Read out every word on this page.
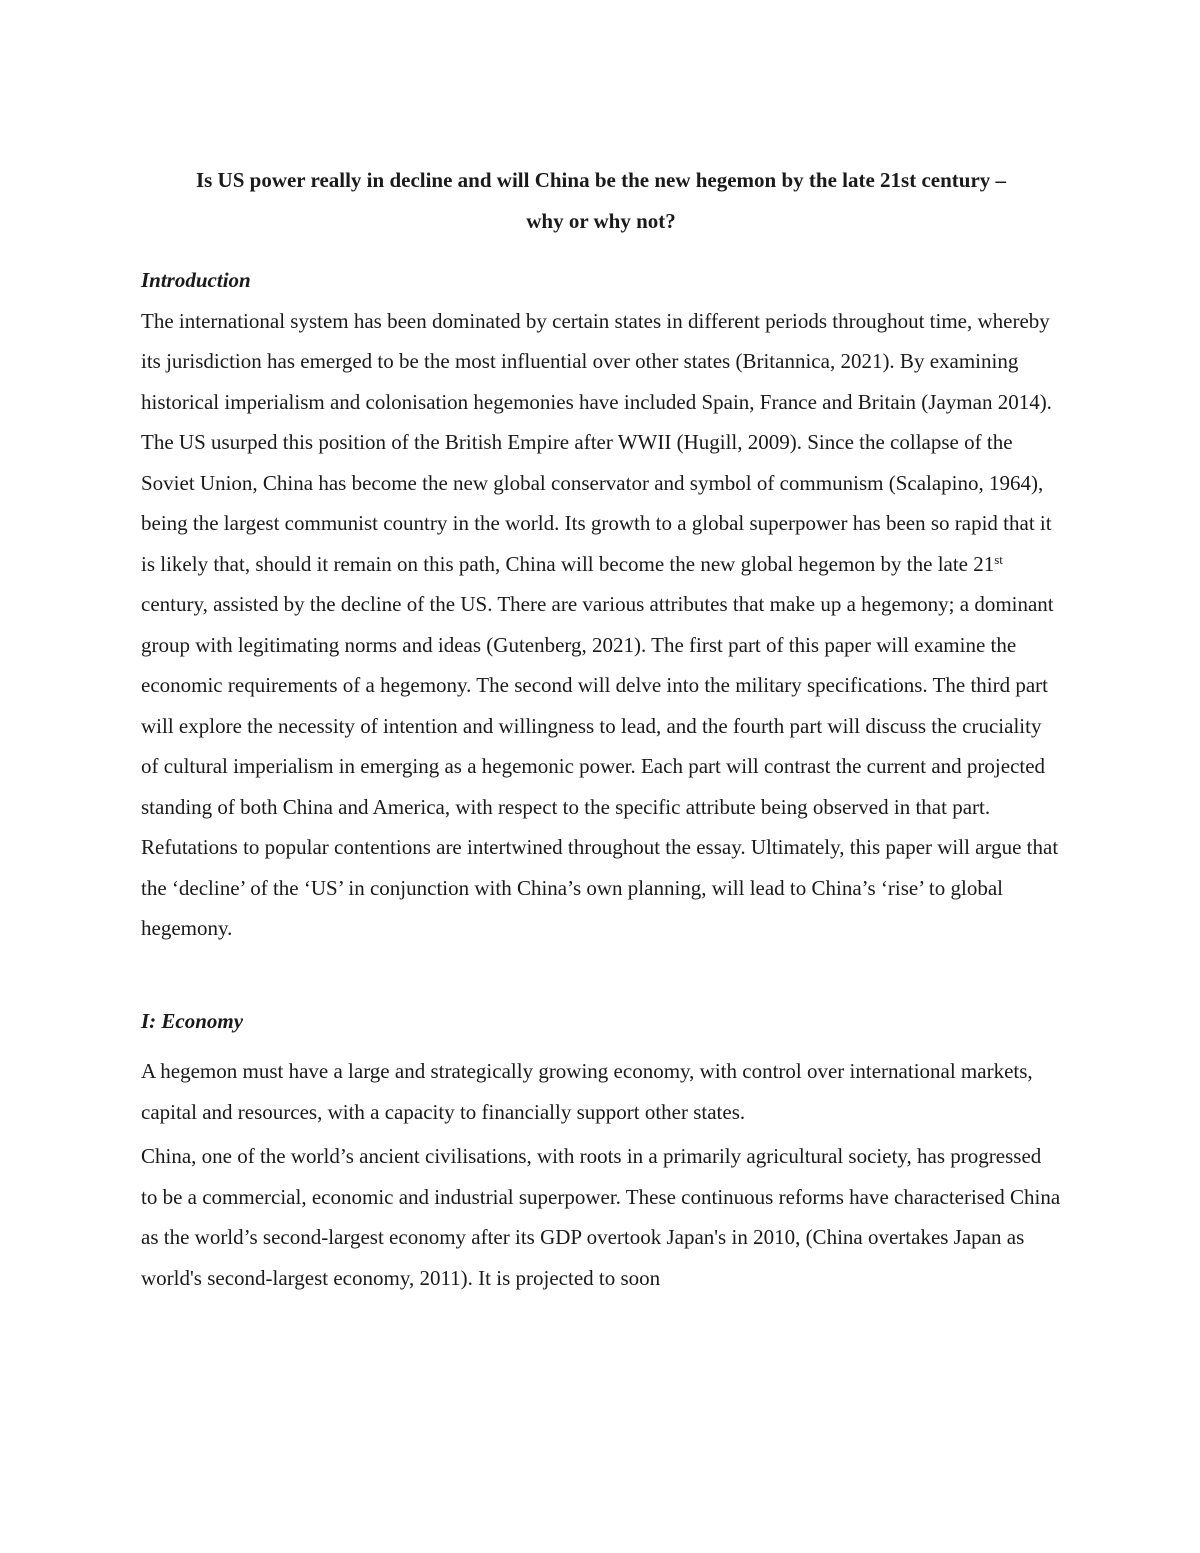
Is US power really in decline and will China be the new hegemon by the late 21st century –
why or why not?
Introduction

The international system has been dominated by certain states in different periods throughout time, whereby its jurisdiction has emerged to be the most influential over other states (Britannica, 2021). By examining historical imperialism and colonisation hegemonies have included Spain, France and Britain (Jayman 2014). The US usurped this position of the British Empire after WWII (Hugill, 2009). Since the collapse of the Soviet Union, China has become the new global conservator and symbol of communism (Scalapino, 1964), being the largest communist country in the world. Its growth to a global superpower has been so rapid that it is likely that, should it remain on this path, China will become the new global hegemon by the late 21st century, assisted by the decline of the US. There are various attributes that make up a hegemony; a dominant group with legitimating norms and ideas (Gutenberg, 2021). The first part of this paper will examine the economic requirements of a hegemony. The second will delve into the military specifications. The third part will explore the necessity of intention and willingness to lead, and the fourth part will discuss the cruciality of cultural imperialism in emerging as a hegemonic power. Each part will contrast the current and projected standing of both China and America, with respect to the specific attribute being observed in that part. Refutations to popular contentions are intertwined throughout the essay. Ultimately, this paper will argue that the ‘decline’ of the ‘US’ in conjunction with China’s own planning, will lead to China’s ‘rise’ to global hegemony.

I: Economy

A hegemon must have a large and strategically growing economy, with control over international markets, capital and resources, with a capacity to financially support other states.

China, one of the world’s ancient civilisations, with roots in a primarily agricultural society, has progressed to be a commercial, economic and industrial superpower. These continuous reforms have characterised China as the world’s second-largest economy after its GDP overtook Japan's in 2010, (China overtakes Japan as world's second-largest economy, 2011). It is projected to soon
